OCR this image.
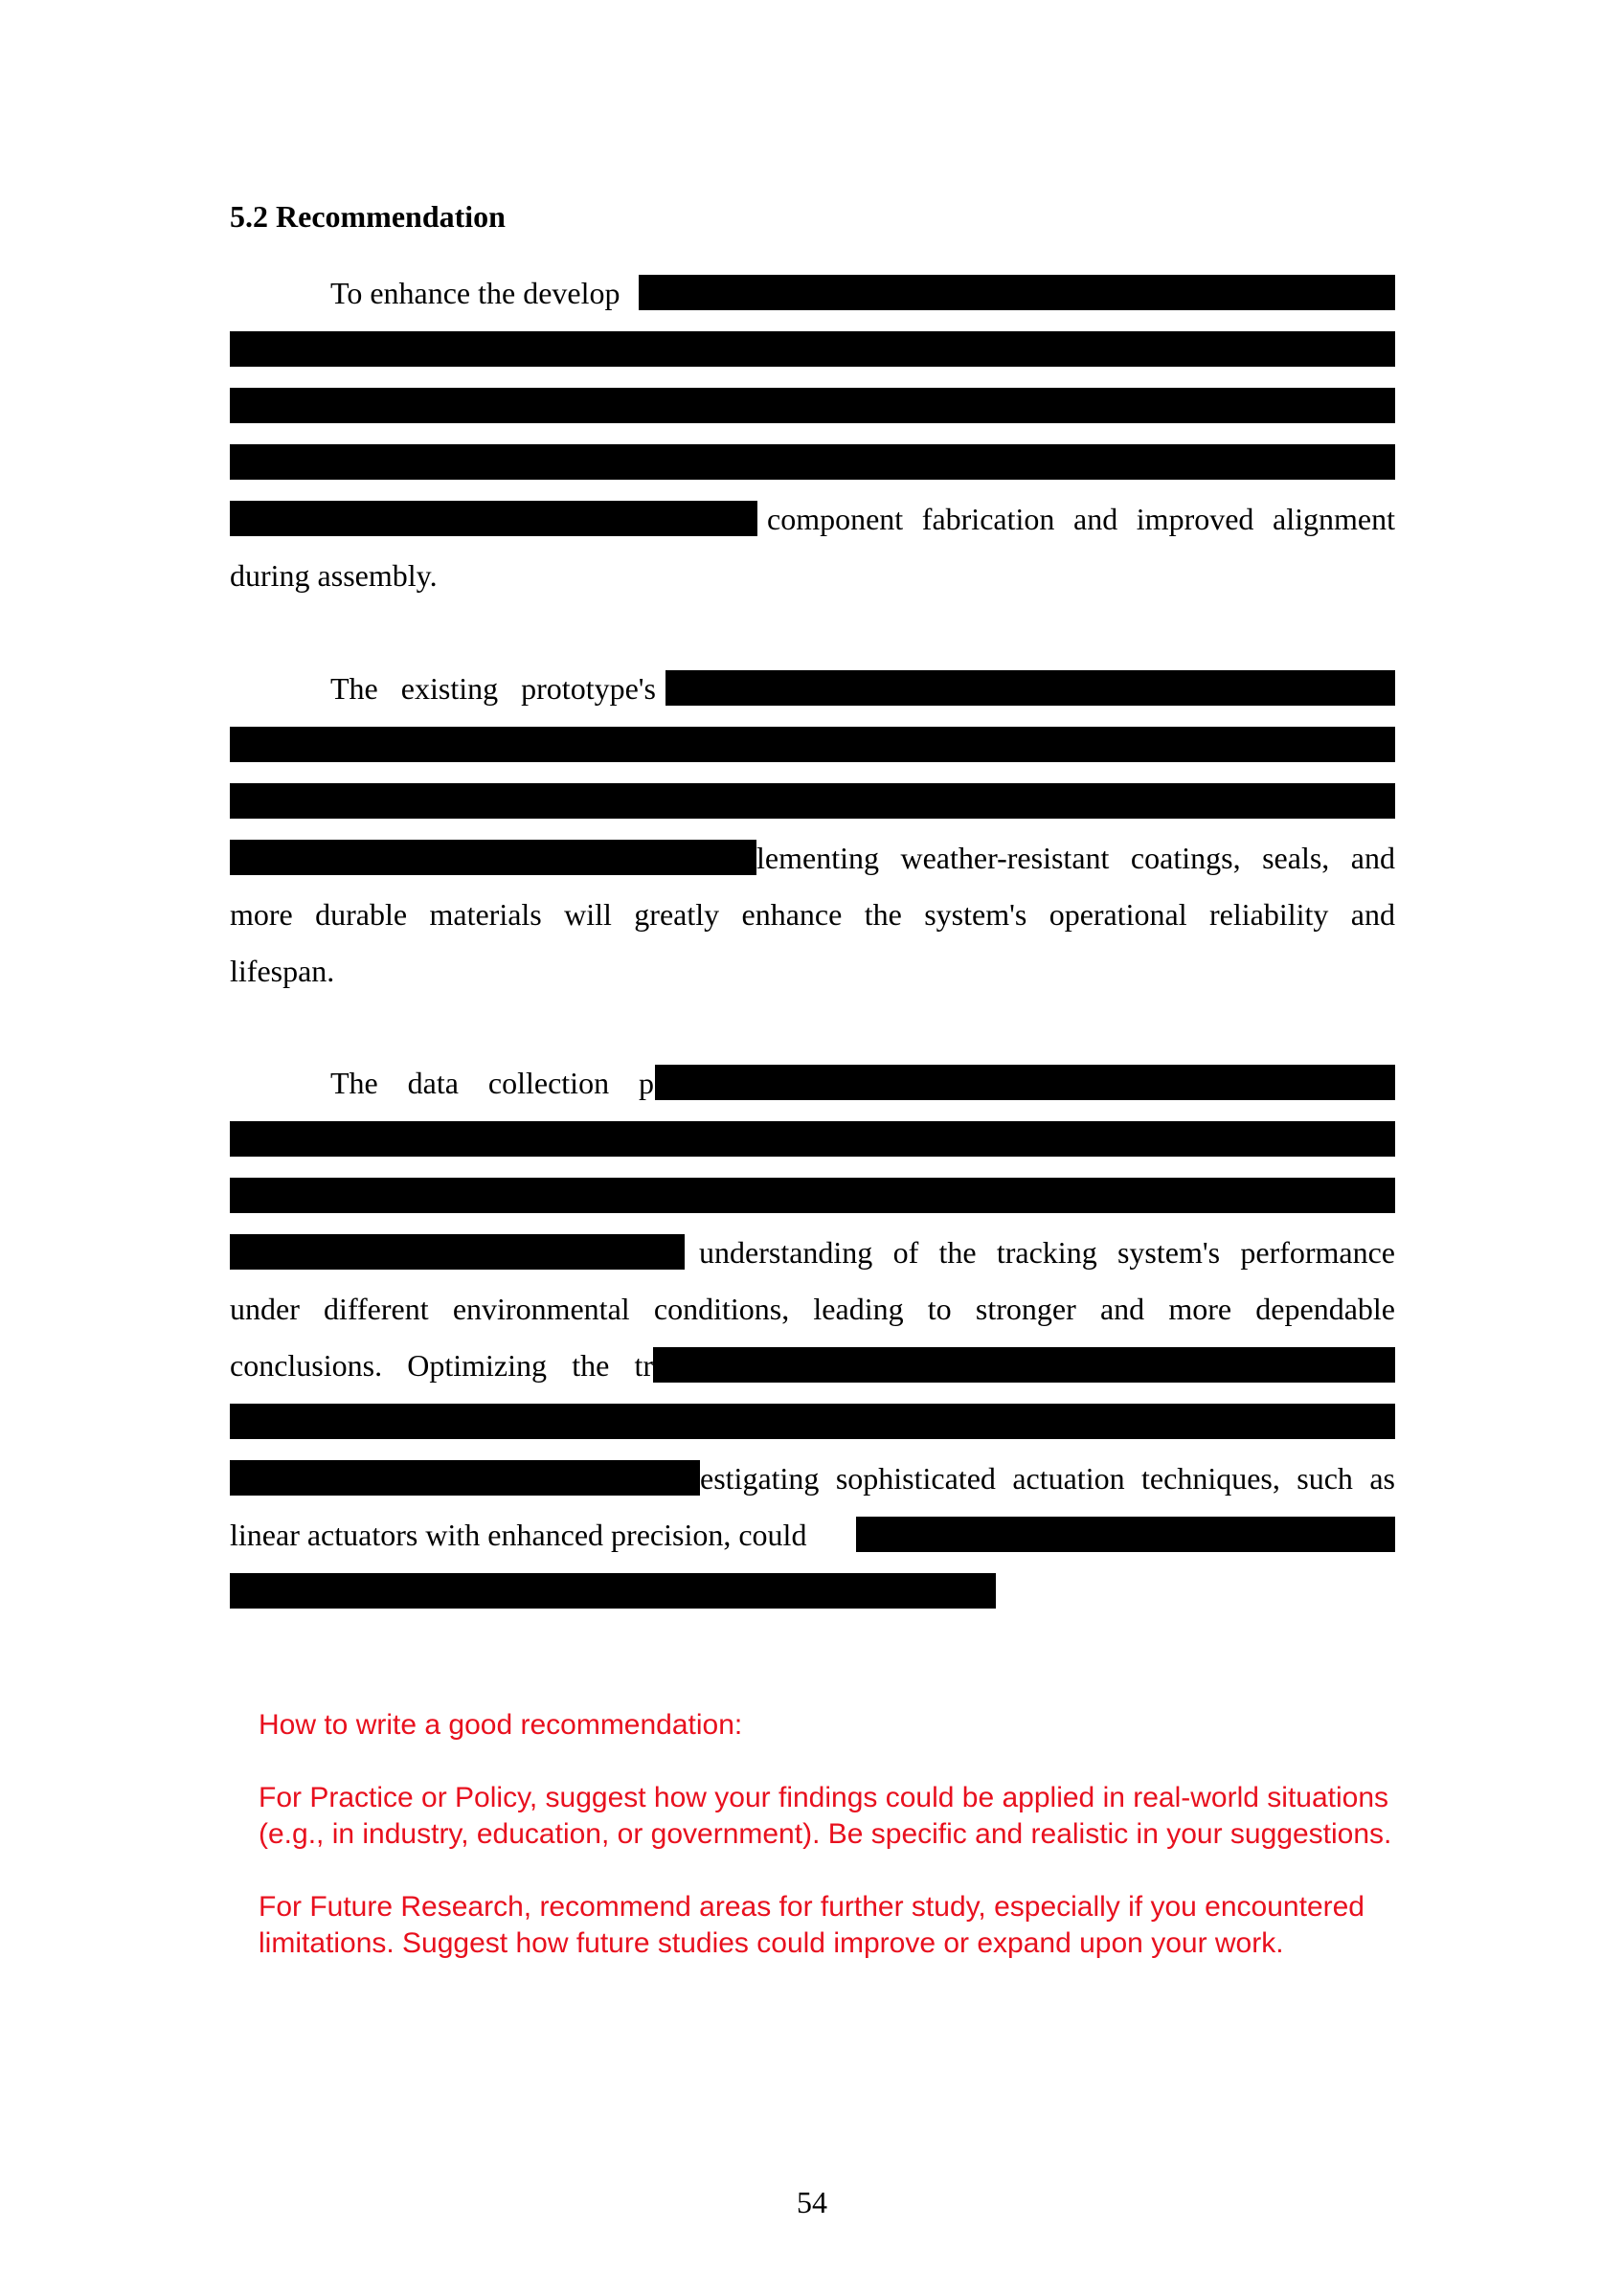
5.2 Recommendation
To enhance the develop
component fabrication and improved alignment
during assembly.
The existing prototype's
lementing weather-resistant coatings, seals, and
more durable materials will greatly enhance the system's operational reliability and
lifespan.
The data collection p
understanding of the tracking system's performance
under different environmental conditions, leading to stronger and more dependable
conclusions. Optimizing the tr
estigating sophisticated actuation techniques, such as
linear actuators with enhanced precision, could

How to write a good recommendation:

For Practice or Policy, suggest how your findings could be applied in real-world situations (e.g., in industry, education, or government). Be specific and realistic in your suggestions.

For Future Research, recommend areas for further study, especially if you encountered limitations. Suggest how future studies could improve or expand upon your work.

54
